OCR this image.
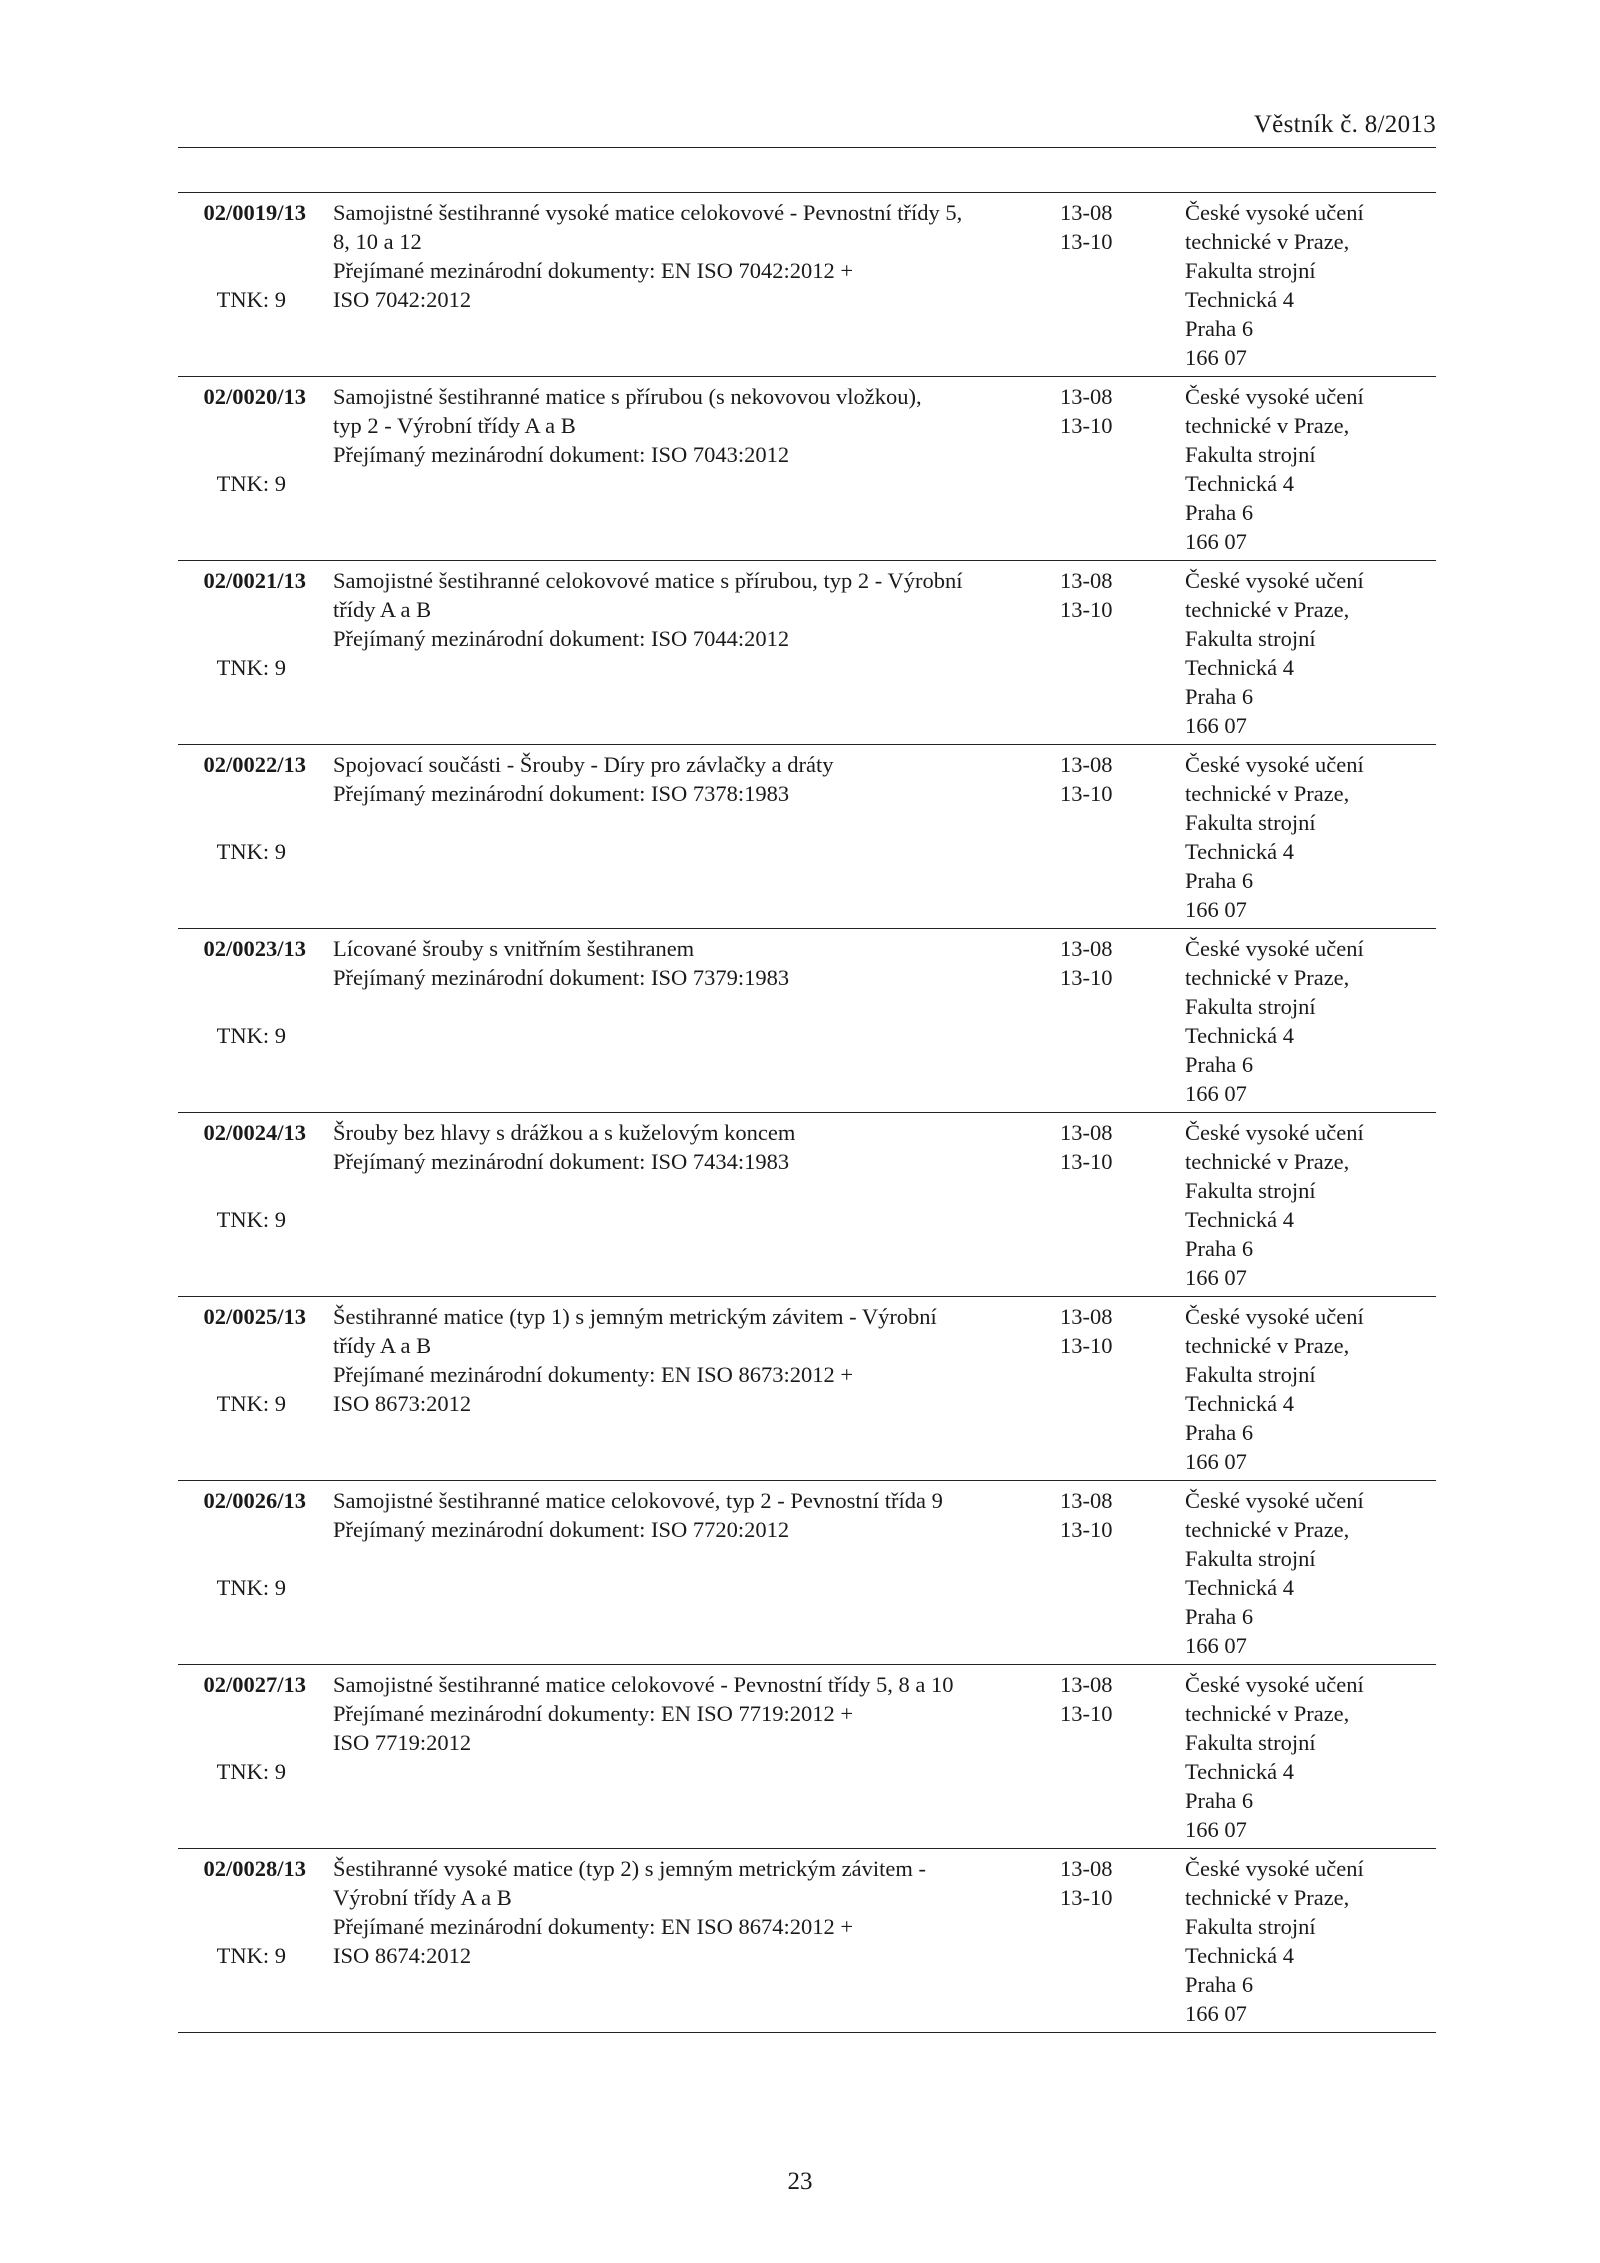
Věstník č. 8/2013
02/0019/13
TNK: 9
Samojistné šestihranné vysoké matice celokovové - Pevnostní třídy 5,
8, 10 a 12
Přejímané mezinárodní dokumenty: EN ISO 7042:2012 +
ISO 7042:2012
13-08
13-10
České vysoké učení
technické v Praze,
Fakulta strojní
Technická 4
Praha 6
166 07
02/0020/13
TNK: 9
Samojistné šestihranné matice s přírubou (s nekovovou vložkou),
typ 2 - Výrobní třídy A a B
Přejímaný mezinárodní dokument: ISO 7043:2012
13-08
13-10
České vysoké učení
technické v Praze,
Fakulta strojní
Technická 4
Praha 6
166 07
02/0021/13
TNK: 9
Samojistné šestihranné celokovové matice s přírubou, typ 2 - Výrobní
třídy A a B
Přejímaný mezinárodní dokument: ISO 7044:2012
13-08
13-10
České vysoké učení
technické v Praze,
Fakulta strojní
Technická 4
Praha 6
166 07
02/0022/13
TNK: 9
Spojovací součásti - Šrouby - Díry pro závlačky a dráty
Přejímaný mezinárodní dokument: ISO 7378:1983
13-08
13-10
České vysoké učení
technické v Praze,
Fakulta strojní
Technická 4
Praha 6
166 07
02/0023/13
TNK: 9
Lícované šrouby s vnitřním šestihranem
Přejímaný mezinárodní dokument: ISO 7379:1983
13-08
13-10
České vysoké učení
technické v Praze,
Fakulta strojní
Technická 4
Praha 6
166 07
02/0024/13
TNK: 9
Šrouby bez hlavy s drážkou a s kuželovým koncem
Přejímaný mezinárodní dokument: ISO 7434:1983
13-08
13-10
České vysoké učení
technické v Praze,
Fakulta strojní
Technická 4
Praha 6
166 07
02/0025/13
TNK: 9
Šestihranné matice (typ 1) s jemným metrickým závitem - Výrobní
třídy A a B
Přejímané mezinárodní dokumenty: EN ISO 8673:2012 +
ISO 8673:2012
13-08
13-10
České vysoké učení
technické v Praze,
Fakulta strojní
Technická 4
Praha 6
166 07
02/0026/13
TNK: 9
Samojistné šestihranné matice celokovové, typ 2 - Pevnostní třída 9
Přejímaný mezinárodní dokument: ISO 7720:2012
13-08
13-10
České vysoké učení
technické v Praze,
Fakulta strojní
Technická 4
Praha 6
166 07
02/0027/13
TNK: 9
Samojistné šestihranné matice celokovové - Pevnostní třídy 5, 8 a 10
Přejímané mezinárodní dokumenty: EN ISO 7719:2012 +
ISO 7719:2012
13-08
13-10
České vysoké učení
technické v Praze,
Fakulta strojní
Technická 4
Praha 6
166 07
02/0028/13
TNK: 9
Šestihranné vysoké matice (typ 2) s jemným metrickým závitem -
Výrobní třídy A a B
Přejímané mezinárodní dokumenty: EN ISO 8674:2012 +
ISO 8674:2012
13-08
13-10
České vysoké učení
technické v Praze,
Fakulta strojní
Technická 4
Praha 6
166 07
23
